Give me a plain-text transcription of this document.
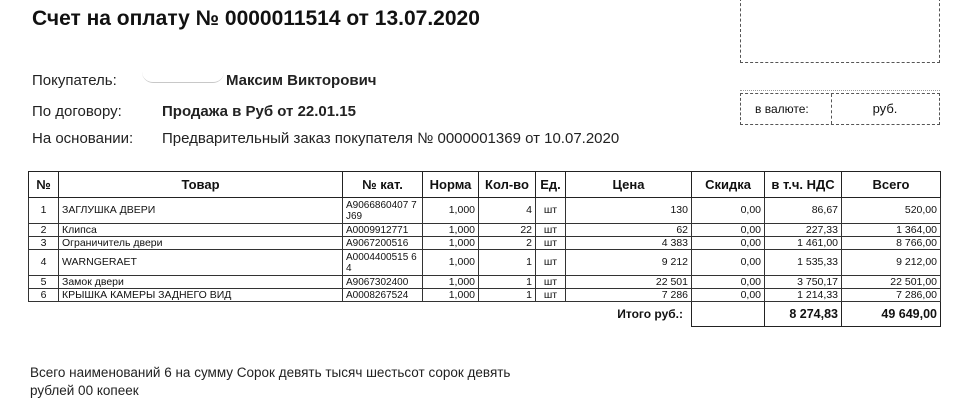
Счет на оплату № 0000011514 от 13.07.2020
Покупатель:	Максим Викторович
По договору:	Продажа в Руб от 22.01.15
На основании: Предварительный заказ покупателя № 0000001369 от 10.07.2020
в валюте:	руб.
№	Товар	№ кат.	Норма	Кол-во	Ед.	Цена	Скидка	в т.ч. НДС	Всего
1	ЗАГЛУШКА ДВЕРИ	A9066860407 7J69	1,000	4	шт	130	0,00	86,67	520,00
2	Клипса	A0009912771	1,000	22	шт	62	0,00	227,33	1 364,00
3	Ограничитель двери	A9067200516	1,000	2	шт	4 383	0,00	1 461,00	8 766,00
4	WARNGERAET	A0004400515 64	1,000	1	шт	9 212	0,00	1 535,33	9 212,00
5	Замок двери	A9067302400	1,000	1	шт	22 501	0,00	3 750,17	22 501,00
6	КРЫШКА КАМЕРЫ ЗАДНЕГО ВИД	A0008267524	1,000	1	шт	7 286	0,00	1 214,33	7 286,00
Итого руб.:								8 274,83	49 649,00
Всего наименований 6 на сумму Сорок девять тысяч шестьсот сорок девять рублей 00 копеек
